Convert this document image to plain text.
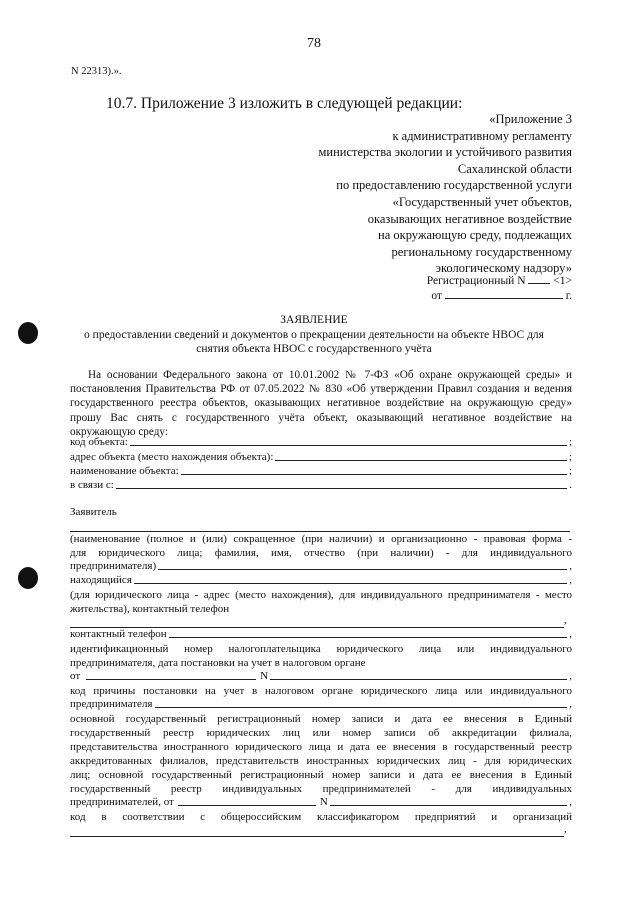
78
N 22313).».
10.7. Приложение 3 изложить в следующей редакции:
«Приложение 3
к административному регламенту
министерства экологии и устойчивого развития
Сахалинской области
по предоставлению государственной услуги
«Государственный учет объектов,
оказывающих негативное воздействие
на окружающую среду, подлежащих
региональному государственному
экологическому надзору»
Регистрационный N <1>
от	г.
ЗАЯВЛЕНИЕ
о предоставлении сведений и документов о прекращении деятельности на объекте НВОС для
снятия объекта НВОС с государственного учёта
На основании Федерального закона от 10.01.2002 № 7-ФЗ «Об охране окружающей среды» и
постановления Правительства РФ от 07.05.2022 № 830 «Об утверждении Правил создания и ведения
государственного реестра объектов, оказывающих негативное воздействие на окружающую среду»
прошу Вас снять с государственного учёта объект, оказывающий негативное воздействие на
окружающую среду:
код объекта:	;
адрес объекта (место нахождения объекта):	;
наименование объекта:	;
в связи с:	.
Заявитель
(наименование (полное и (или) сокращенное (при наличии) и организационно - правовая форма -
для юридического лица; фамилия, имя, отчество (при наличии) - для индивидуального
предпринимателя)	,
находящийся	,
(для юридического лица - адрес (место нахождения), для индивидуального предпринимателя - место
жительства), контактный телефон
,
контактный телефон	,
идентификационный номер налогоплательщика юридического лица или индивидуального
предпринимателя, дата постановки на учет в налоговом органе
от	N	,
код причины постановки на учет в налоговом органе юридического лица или индивидуального
предпринимателя	,
основной государственный регистрационный номер записи и дата ее внесения в Единый
государственный реестр юридических лиц или номер записи об аккредитации филиала,
представительства иностранного юридического лица и дата ее внесения в государственный реестр
аккредитованных филиалов, представительств иностранных юридических лиц - для юридических
лиц; основной государственный регистрационный номер записи и дата ее внесения в Единый
государственный реестр индивидуальных предпринимателей - для индивидуальных
предпринимателей, от	N	,
код в соответствии с общероссийским классификатором предприятий и организаций
,
